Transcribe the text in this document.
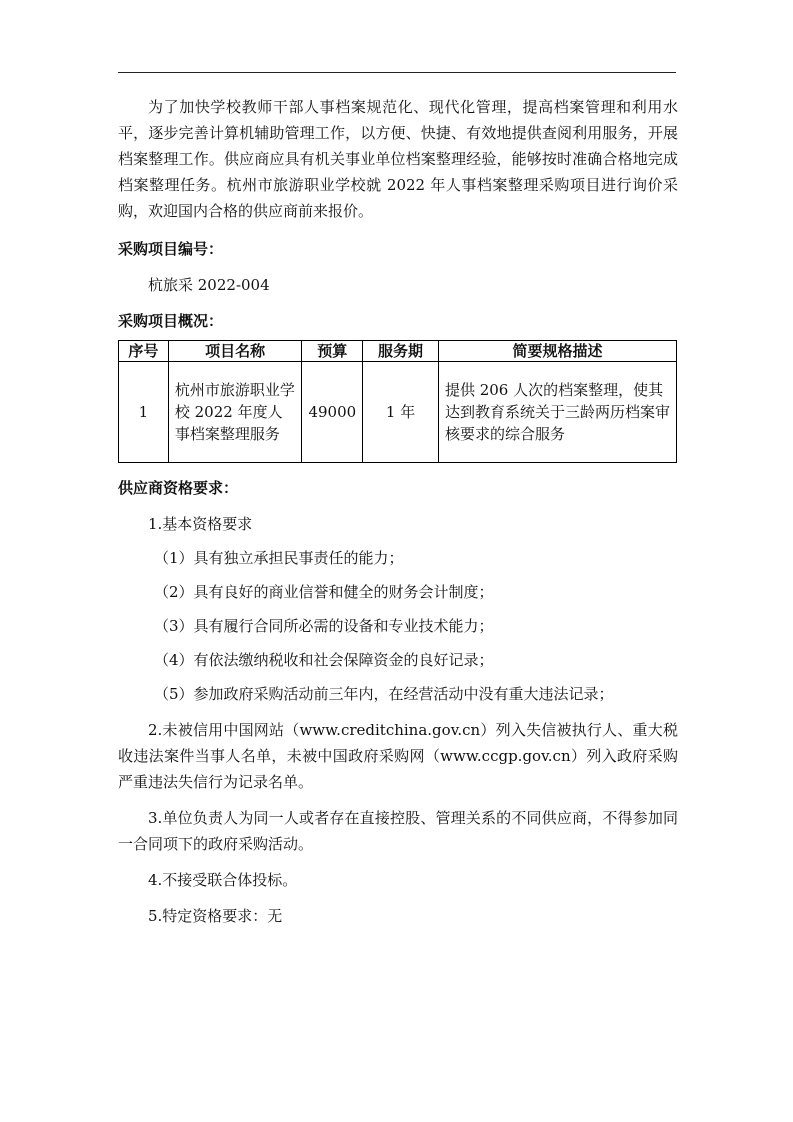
为了加快学校教师干部人事档案规范化、现代化管理，提高档案管理和利用水平，逐步完善计算机辅助管理工作，以方便、快捷、有效地提供查阅利用服务，开展档案整理工作。供应商应具有机关事业单位档案整理经验，能够按时准确合格地完成档案整理任务。杭州市旅游职业学校就 2022 年人事档案整理采购项目进行询价采购，欢迎国内合格的供应商前来报价。

采购项目编号：

杭旅采 2022-004

采购项目概况：

序号	项目名称	预算	服务期	简要规格描述
1	杭州市旅游职业学校 2022 年度人事档案整理服务	49000	1 年	提供 206 人次的档案整理，使其达到教育系统关于三龄两历档案审核要求的综合服务

供应商资格要求：

1.基本资格要求

（1）具有独立承担民事责任的能力；

（2）具有良好的商业信誉和健全的财务会计制度；

（3）具有履行合同所必需的设备和专业技术能力；

（4）有依法缴纳税收和社会保障资金的良好记录；

（5）参加政府采购活动前三年内，在经营活动中没有重大违法记录；

2.未被信用中国网站（www.creditchina.gov.cn）列入失信被执行人、重大税收违法案件当事人名单，未被中国政府采购网（www.ccgp.gov.cn）列入政府采购严重违法失信行为记录名单。

3.单位负责人为同一人或者存在直接控股、管理关系的不同供应商，不得参加同一合同项下的政府采购活动。

4.不接受联合体投标。

5.特定资格要求：无
